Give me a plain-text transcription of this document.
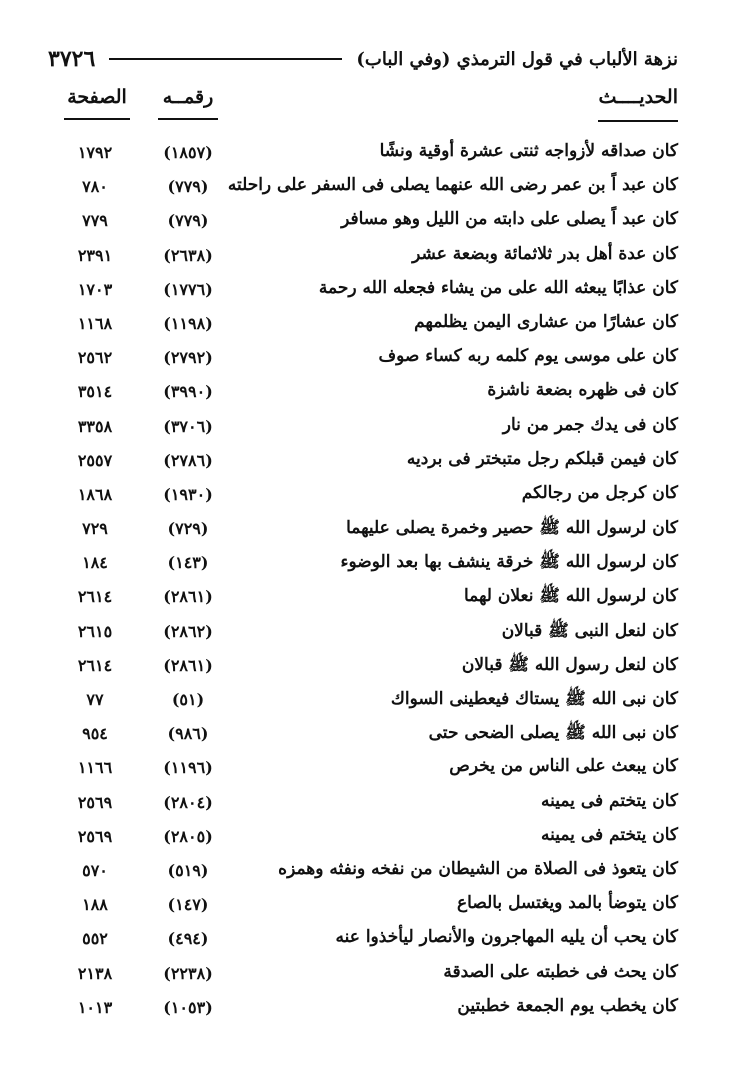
٣٧٢٦	نزهة الألباب في قول الترمذي (وفي الباب)
الحديــــث
رقمــه
الصفحة
كان صداقه لأزواجه ثنتى عشرة أوقية ونشًا
(١٨٥٧)
١٧٩٢
كان عبد اً بن عمر رضى الله عنهما يصلى فى السفر على راحلته
(٧٧٩)
٧٨٠
كان عبد اً يصلى على دابته من الليل وهو مسافر
(٧٧٩)
٧٧٩
كان عدة أهل بدر ثلاثمائة وبضعة عشر
(٢٦٣٨)
٢٣٩١
كان عذابًا يبعثه الله على من يشاء فجعله الله رحمة
(١٧٧٦)
١٧٠٣
كان عشارًا من عشارى اليمن يظلمهم
(١١٩٨)
١١٦٨
كان على موسى يوم كلمه ربه كساء صوف
(٢٧٩٢)
٢٥٦٢
كان فى ظهره بضعة ناشزة
(٣٩٩٠)
٣٥١٤
كان فى يدك جمر من نار
(٣٧٠٦)
٣٣٥٨
كان فيمن قبلكم رجل متبختر فى برديه
(٢٧٨٦)
٢٥٥٧
كان كرجل من رجالكم
(١٩٣٠)
١٨٦٨
كان لرسول الله ﷺ حصير وخمرة يصلى عليهما
(٧٢٩)
٧٢٩
كان لرسول الله ﷺ خرقة ينشف بها بعد الوضوء
(١٤٣)
١٨٤
كان لرسول الله ﷺ نعلان لهما
(٢٨٦١)
٢٦١٤
كان لنعل النبى ﷺ قبالان
(٢٨٦٢)
٢٦١٥
كان لنعل رسول الله ﷺ قبالان
(٢٨٦١)
٢٦١٤
كان نبى الله ﷺ يستاك فيعطينى السواك
(٥١)
٧٧
كان نبى الله ﷺ يصلى الضحى حتى
(٩٨٦)
٩٥٤
كان يبعث على الناس من يخرص
(١١٩٦)
١١٦٦
كان يتختم فى يمينه
(٢٨٠٤)
٢٥٦٩
كان يتختم فى يمينه
(٢٨٠٥)
٢٥٦٩
كان يتعوذ فى الصلاة من الشيطان من نفخه ونفثه وهمزه
(٥١٩)
٥٧٠
كان يتوضأ بالمد ويغتسل بالصاع
(١٤٧)
١٨٨
كان يحب أن يليه المهاجرون والأنصار ليأخذوا عنه
(٤٩٤)
٥٥٢
كان يحث فى خطبته على الصدقة
(٢٢٣٨)
٢١٣٨
كان يخطب يوم الجمعة خطبتين
(١٠٥٣)
١٠١٣
